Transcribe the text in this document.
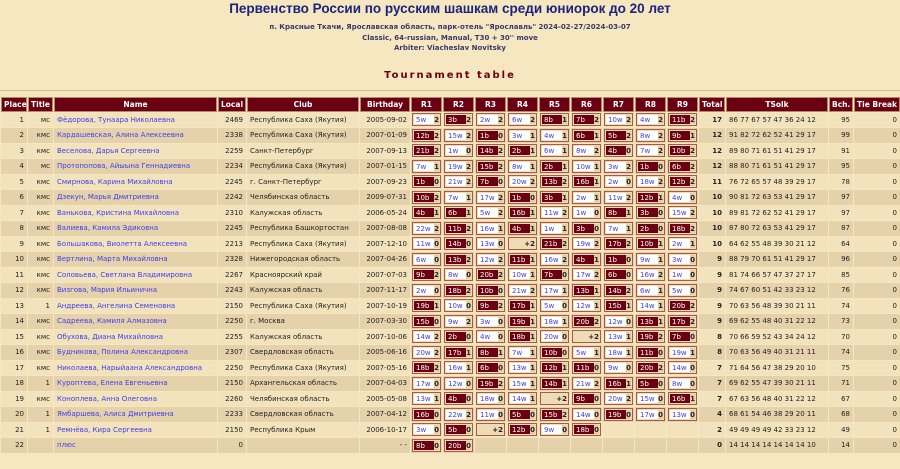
Первенство России по русским шашкам среди юниорок до 20 лет
п. Красные Ткачи, Ярославская область, парк-отель "Ярославль" 2024-02-27/2024-03-07
Classic, 64-russian, Manual, T30 + 30'' move
Arbiter: Viacheslav Novitsky
Tournament table
Place	Title	Name	Local	Club	Birthday	R1	R2	R3	R4	R5	R6	R7	R8	R9	Total	TSolk	Bch.	Tie Break
1	мс	Фёдорова, Тунаара Николаевна	2469	Республика Саха (Якутия)	2005-09-02	5w 2	3b 2	2w 2	6w 2	8b 1	7b 2	10w 2	4w 2	11b 2	17	86 77 67 57 47 36 24 12	95	0
2	кмс	Кардашевская, Алина Алексеевна	2338	Республика Саха (Якутия)	2007-01-09	12b 2	15w 2	1b 0	3w 1	4w 1	6b 1	5b 2	8w 2	9b 1	12	91 82 72 62 52 41 29 17	99	0
3	кмс	Веселова, Дарья Сергеевна	2259	Санкт-Петербург	2007-09-13	21b 2	1w 0	14b 2	2b 1	6w 1	8w 2	4b 0	7w 2	10b 2	12	89 80 71 61 51 41 29 17	91	0
4	мс	Протопопова, Айыына Геннадиевна	2234	Республика Саха (Якутия)	2007-01-15	7w 1	19w 2	15b 2	8w 1	2b 1	10w 1	3w 2	1b 0	6b 2	12	88 80 71 61 51 41 29 17	95	0
5	кмс	Смирнова, Карина Михайловна	2245	г. Санкт-Петербург	2007-09-23	1b 0	21w 2	7b 0	20w 2	13b 2	16b 1	2w 0	18w 2	12b 2	11	76 72 65 57 48 39 29 17	78	0
6	кмс	Дзекун, Марья Дмитриевна	2242	Челябинская область	2009-07-31	10b 2	7w 1	17w 2	1b 0	3b 1	2w 1	11w 2	12b 1	4w 0	10	90 81 72 63 53 41 29 17	97	0
7	кмс	Ванькова, Кристина Михайловна	2310	Калужская область	2006-05-24	4b 1	6b 1	5w 2	16b 1	11w 2	1w 0	8b 1	3b 0	15w 2	10	89 81 72 62 52 41 29 17	97	0
8	кмс	Валиева, Камила Эдиковна	2245	Республика Башкортостан	2007-08-08	22w 2	11b 2	16w 1	4b 1	1w 1	3b 0	7w 1	2b 0	18b 2	10	87 80 72 63 53 41 29 17	87	0
9	кмс	Большакова, Виолетта Алексеевна	2213	Республика Саха (Якутия)	2007-12-10	11w 0	14b 0	13w 0	+2	21b 2	19w 2	17b 2	10b 1	2w 1	10	64 62 55 48 39 30 21 12	64	0
10	кмс	Вертлина, Марта Михайловна	2328	Нижегородская область	2007-04-26	6w 0	13b 2	12w 2	11b 1	16w 2	4b 1	1b 0	9w 1	3w 0	9	88 79 70 61 51 41 29 17	96	0
11	кмс	Соловьева, Светлана Владимировна	2267	Красноярский край	2007-07-03	9b 2	8w 0	20b 2	10w 1	7b 0	17w 2	6b 0	16w 2	1w 0	9	81 74 66 57 47 37 27 17	85	0
12	кмс	Визгова, Мария Ильинична	2243	Калужская область	2007-11-17	2w 0	18b 2	10b 0	21w 2	17w 1	13b 1	14b 2	6w 1	5w 0	9	74 67 60 51 42 33 23 12	76	0
13	1	Андреева, Ангелина Семеновна	2150	Республика Саха (Якутия)	2007-10-19	19b 1	10w 0	9b 2	17b 1	5w 0	12w 1	15b 1	14w 1	20b 2	9	70 63 56 48 39 30 21 11	74	0
14	кмс	Садреева, Камиля Алмазовна	2250	г. Москва	2007-03-30	15b 0	9w 2	3w 0	19b 1	18w 1	20b 2	12w 0	13b 1	17b 2	9	69 62 55 48 40 31 22 12	73	0
15	кмс	Обухова, Диана Михайловна	2255	Калужская область	2007-10-06	14w 2	2b 0	4w 0	18b 1	20w 0	+2	13w 1	19b 2	7b 0	8	70 66 59 52 43 34 24 12	70	0
16	кмс	Будникова, Полина Александровна	2307	Свердловская область	2005-06-16	20w 2	17b 1	8b 1	7w 1	10b 0	5w 1	18w 1	11b 0	19w 1	8	70 63 56 49 40 31 21 11	74	0
17	кмс	Николаева, Нарыйаана Александровна	2250	Республика Саха (Якутия)	2007-05-16	18b 2	16w 1	6b 0	13w 1	12b 1	11b 0	9w 0	20b 2	14w 0	7	71 64 56 47 38 29 20 10	75	0
18	1	Куроптева, Елена Евгеньевна	2150	Архангельская область	2007-04-03	17w 0	12w 0	19b 2	15w 1	14b 1	21w 2	16b 1	5b 0	8w 0	7	69 62 55 47 39 30 21 11	71	0
19	кмс	Коноплева, Анна Олеговна	2260	Челябинская область	2005-05-08	13w 1	4b 0	18w 0	14w 1	+2	9b 0	20w 2	15w 0	16b 1	7	67 63 56 48 40 31 22 12	67	0
20	1	Ямбаршева, Алиса Дмитриевна	2233	Свердловская область	2007-04-12	16b 0	22w 2	11w 0	5b 0	15b 2	14w 0	19b 0	17w 0	13w 0	4	68 61 54 46 38 29 20 11	68	0
21	1	Ремнёва, Кира Сергеевна	2150	Республика Крым	2006-10-17	3w 0	5b 0	+2	12b 0	9w 0	18b 0				2	49 49 49 49 42 33 23 12	49	0
22		плюс	0		- -	8b 0	20b 0								0	14 14 14 14 14 14 14 10	14	0
